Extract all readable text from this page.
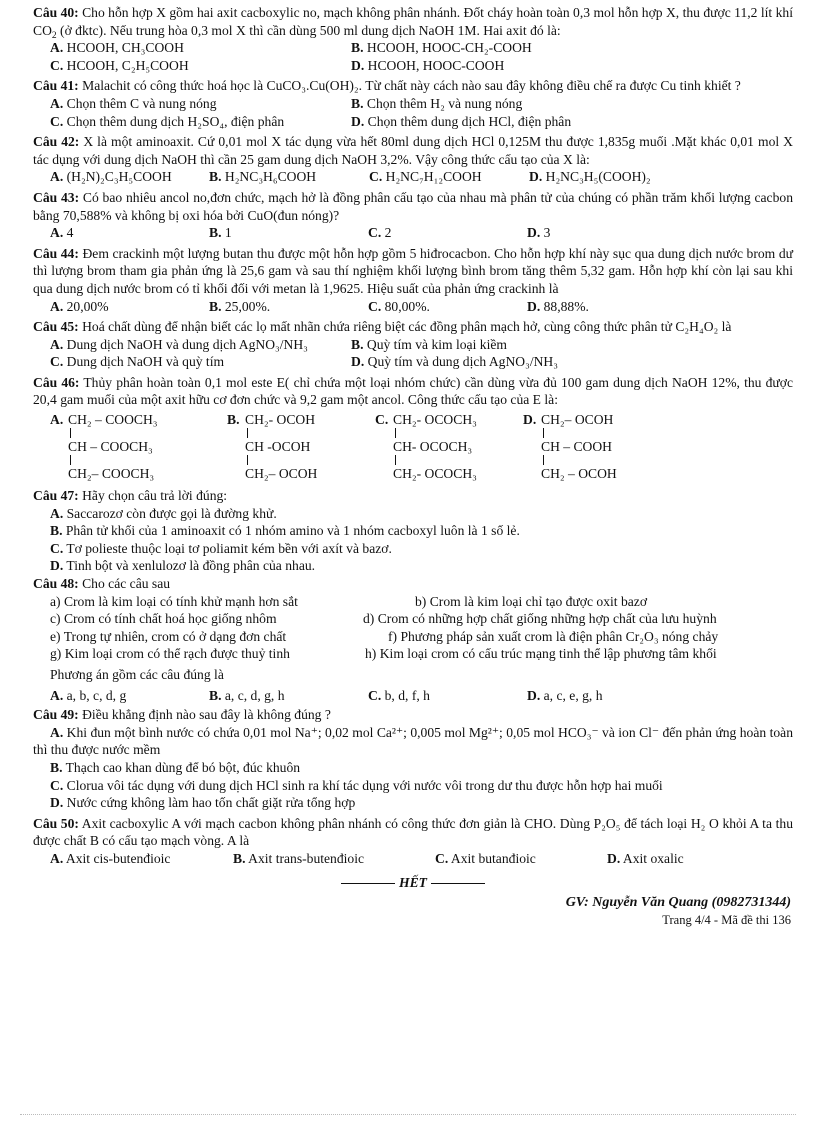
Câu 40: Cho hỗn hợp X gồm hai axit cacboxylic no, mạch không phân nhánh. Đốt cháy hoàn toàn 0,3 mol hỗn hợp X, thu được 11,2 lít khí $CO_2$ (ở đktc). Nếu trung hòa 0,3 mol X thì cần dùng 500 ml dung dịch NaOH 1M. Hai axit đó là:
A. HCOOH, CH₃COOH	B. HCOOH, HOOC-CH₂-COOH
C. HCOOH, C₂H₅COOH	D. HCOOH, HOOC-COOH
Câu 41: Malachit có công thức hoá học là CuCO₃.Cu(OH)₂. Từ chất này cách nào sau đây không điều chế ra được Cu tinh khiết ?
A. Chọn thêm C và nung nóng	B. Chọn thêm H₂ và nung nóng
C. Chọn thêm dung dịch H₂SO₄, điện phân	D. Chọn thêm dung dịch HCl, điện phân
Câu 42: X là một aminoaxit. Cứ 0,01 mol X tác dụng vừa hết 80ml dung dịch HCl 0,125M thu được 1,835g muối .Mặt khác 0,01 mol X tác dụng với dung dịch NaOH thì cần 25 gam dung dịch NaOH 3,2%. Vậy công thức cấu tạo của X là:
A. (H₂N)₂C₃H₅COOH	B. H₂NC₃H₆COOH	C. H₂NC₇H₁₂COOH	D. H₂NC₃H₅(COOH)₂
Câu 43: Có bao nhiêu ancol no,đơn chức, mạch hở là đồng phân cấu tạo của nhau mà phân tử của chúng có phần trăm khối lượng cacbon bằng 70,588% và không bị oxi hóa bởi CuO(đun nóng)?
A. 4	B. 1	C. 2	D. 3
Câu 44: Đem crackinh một lượng butan thu được một hỗn hợp gồm 5 hiđrocacbon. Cho hỗn hợp khí này sục qua dung dịch nước brom dư thì lượng brom tham gia phản ứng là 25,6 gam và sau thí nghiệm khối lượng bình brom tăng thêm 5,32 gam. Hỗn hợp khí còn lại sau khi qua dung dịch nước brom có tỉ khối đối với metan là 1,9625. Hiệu suất của phản ứng crackinh là
A. 20,00%	B. 25,00%.	C. 80,00%.	D. 88,88%.
Câu 45: Hoá chất dùng để nhận biết các lọ mất nhãn chứa riêng biệt các đồng phân mạch hở, cùng công thức phân tử C₂H₄O₂ là
A. Dung dịch NaOH và dung dịch AgNO₃/NH₃	B. Quỳ tím và kim loại kiềm
C. Dung dịch NaOH và quỳ tím	D. Quỳ tím và dung dịch AgNO₃/NH₃
Câu 46: Thủy phân hoàn toàn 0,1 mol este E( chỉ chứa một loại nhóm chức) cần dùng vừa đủ 100 gam dung dịch NaOH 12%, thu được 20,4 gam muối của một axit hữu cơ đơn chức và 9,2 gam một ancol. Công thức cấu tạo của E là:
A. CH₂ – COOCH₃
CH – COOCH₃
CH₂– COOCH₃
B. CH₂- OCOH
CH -OCOH
CH₂– OCOH
C. CH₂- OCOCH₃
CH- OCOCH₃
CH₂- OCOCH₃
D. CH₂– OCOH
CH – COOH
CH₂ – OCOH
Câu 47: Hãy chọn câu trả lời đúng:
A. Saccarozơ còn được gọi là đường khử.
B. Phân tử khối của 1 aminoaxit có 1 nhóm amino và 1 nhóm cacboxyl luôn là 1 số lẻ.
C. Tơ polieste thuộc loại tơ poliamit kém bền với axít và bazơ.
D. Tinh bột và xenlulozơ là đồng phân của nhau.
Câu 48: Cho các câu sau
a) Crom là kim loại có tính khử mạnh hơn sắt	b) Crom là kim loại chỉ tạo được oxit bazơ
c) Crom có tính chất hoá học giống nhôm	d) Crom có những hợp chất giống những hợp chất của lưu huỳnh
e) Trong tự nhiên, crom có ở dạng đơn chất	f) Phương pháp sản xuất crom là điện phân Cr₂O₃ nóng chảy
g) Kim loại crom có thể rạch được thuỷ tinh	h) Kim loại crom có cấu trúc mạng tinh thể lập phương tâm khối
Phương án gồm các câu đúng là
A. a, b, c, d, g	B. a, c, d, g, h	C. b, d, f, h	D. a, c, e, g, h
Câu 49: Điều khẳng định nào sau đây là không đúng ?
A. Khi đun một bình nước có chứa 0,01 mol Na⁺; 0,02 mol Ca²⁺; 0,005 mol Mg²⁺; 0,05 mol HCO₃⁻ và ion Cl⁻ đến phản ứng hoàn toàn thì thu được nước mềm
B. Thạch cao khan dùng để bó bột, đúc khuôn
C. Clorua vôi tác dụng với dung dịch HCl sinh ra khí tác dụng với nước vôi trong dư thu được hỗn hợp hai muối
D. Nước cứng không làm hao tốn chất giặt rửa tổng hợp
Câu 50: Axit cacboxylic A với mạch cacbon không phân nhánh có công thức đơn giản là CHO. Dùng P₂O₅ để tách loại H₂ O khỏi A ta thu được chất B có cấu tạo mạch vòng. A là
A. Axit cis-butenđioic	B. Axit trans-butenđioic	C. Axit butanđioic	D. Axit oxalic
HẾT
GV: Nguyễn Văn Quang (0982731344)
Trang 4/4 - Mã đề thi 136
